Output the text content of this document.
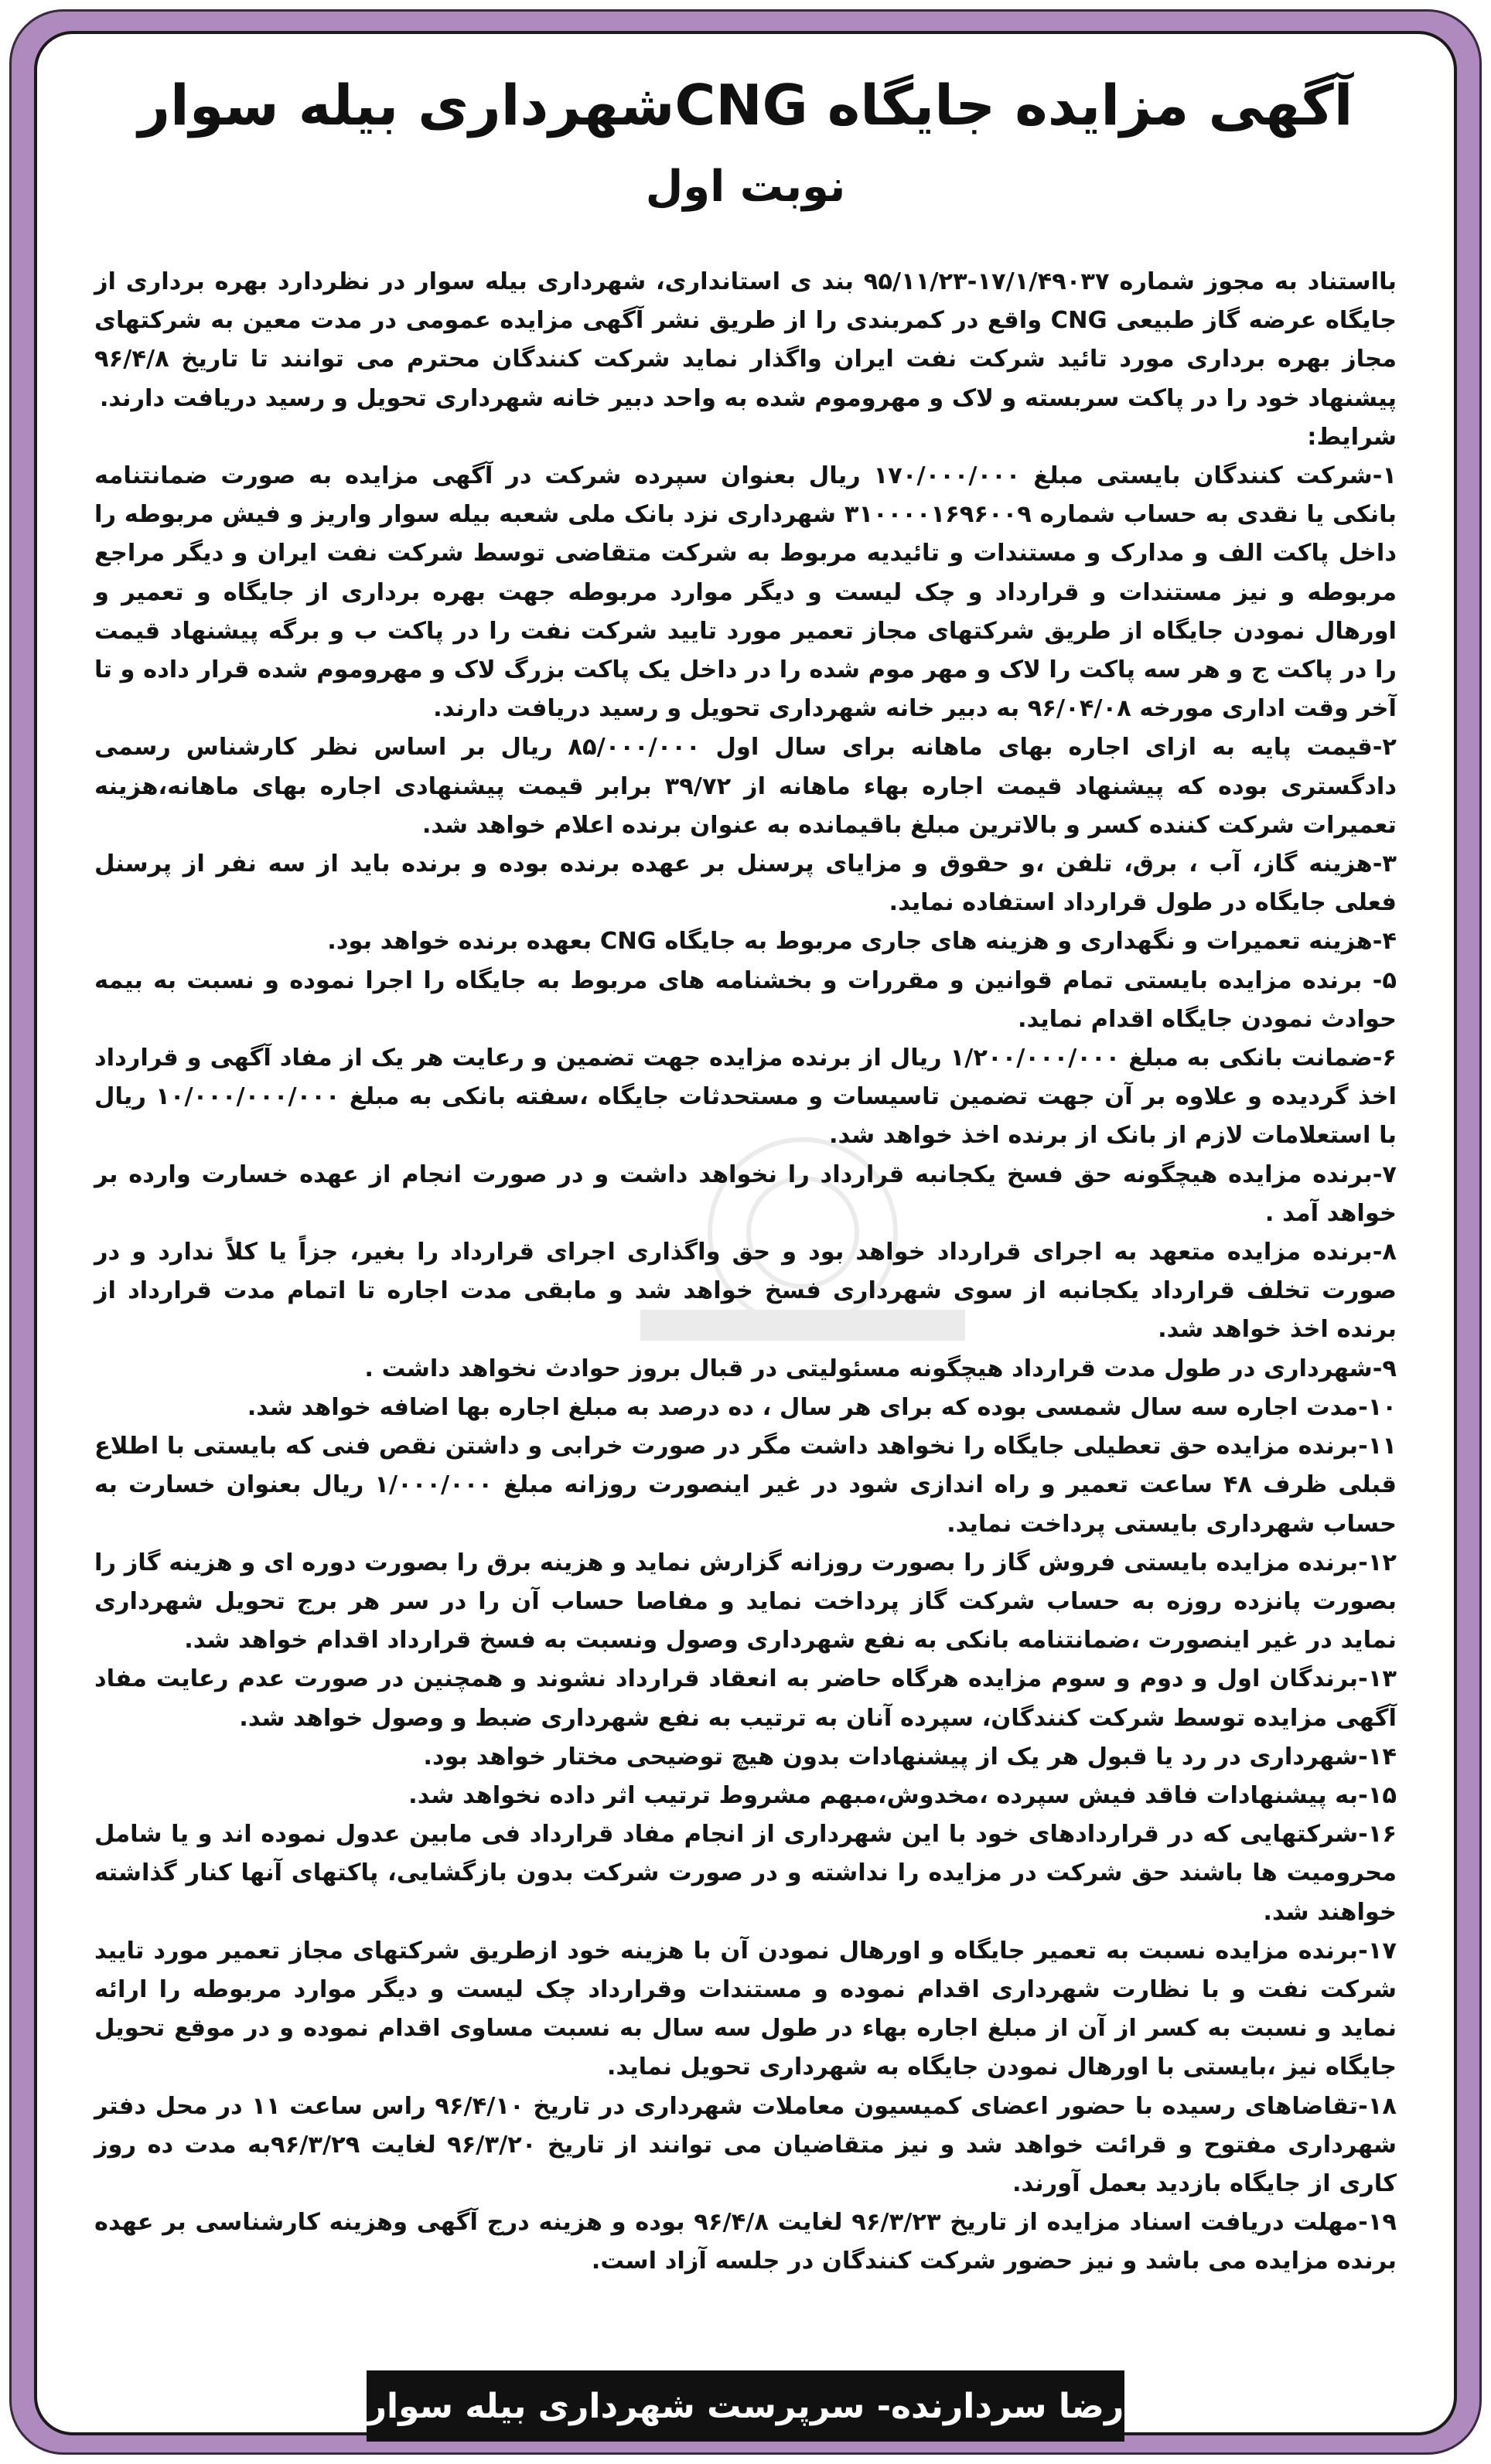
آگهی مزایده جایگاه CNGشهرداری بیله سوار
نوبت اول

بااستناد به مجوز شماره ۱۷/۱/۴۹۰۳۷-۹۵/۱۱/۲۳ بند ی استانداری، شهرداری بیله سوار در نظردارد بهره برداری از جایگاه عرضه گاز طبیعی CNG واقع در کمربندی را از طریق نشر آگهی مزایده عمومی در مدت معین به شرکتهای مجاز بهره برداری مورد تائید شرکت نفت ایران واگذار نماید شرکت کنندگان محترم می توانند تا تاریخ ۹۶/۴/۸ پیشنهاد خود را در پاکت سربسته و لاک و مهروموم شده به واحد دبیر خانه شهرداری تحویل و رسید دریافت دارند.

شرایط:

۱-شرکت کنندگان بایستی مبلغ ۱۷۰/۰۰۰/۰۰۰ ریال بعنوان سپرده شرکت در آگهی مزایده به صورت ضمانتنامه بانکی یا نقدی به حساب شماره ۳۱۰۰۰۰۱۶۹۶۰۰۹ شهرداری نزد بانک ملی شعبه بیله سوار واریز و فیش مربوطه را داخل پاکت الف و مدارک و مستندات و تائیدیه مربوط به شرکت متقاضی توسط شرکت نفت ایران و دیگر مراجع مربوطه و نیز مستندات و قرارداد و چک لیست و دیگر موارد مربوطه جهت بهره برداری از جایگاه و تعمیر و اورهال نمودن جایگاه از طریق شرکتهای مجاز تعمیر مورد تایید شرکت نفت را در پاکت ب و برگه پیشنهاد قیمت را در پاکت ج و هر سه پاکت را لاک و مهر موم شده را در داخل یک پاکت بزرگ لاک و مهروموم شده قرار داده و تا آخر وقت اداری مورخه ۹۶/۰۴/۰۸ به دبیر خانه شهرداری تحویل و رسید دریافت دارند.

۲-قیمت پایه به ازای اجاره بهای ماهانه برای سال اول ۸۵/۰۰۰/۰۰۰ ریال بر اساس نظر کارشناس رسمی دادگستری بوده که پیشنهاد قیمت اجاره بهاء ماهانه از ۳۹/۷۲ برابر قیمت پیشنهادی اجاره بهای ماهانه،هزینه تعمیرات شرکت کننده کسر و بالاترین مبلغ باقیمانده به عنوان برنده اعلام خواهد شد.

۳-هزینه گاز، آب ، برق، تلفن ،و حقوق و مزایای پرسنل بر عهده برنده بوده و برنده باید از سه نفر از پرسنل فعلی جایگاه در طول قرارداد استفاده نماید.

۴-هزینه تعمیرات و نگهداری و هزینه های جاری مربوط به جایگاه CNG بعهده برنده خواهد بود.

۵- برنده مزایده بایستی تمام قوانین و مقررات و بخشنامه های مربوط به جایگاه را اجرا نموده و نسبت به بیمه حوادث نمودن جایگاه اقدام نماید.

۶-ضمانت بانکی به مبلغ ۱/۲۰۰/۰۰۰/۰۰۰ ریال از برنده مزایده جهت تضمین و رعایت هر یک از مفاد آگهی و قرارداد اخذ گردیده و علاوه بر آن جهت تضمین تاسیسات و مستحدثات جایگاه ،سفته بانکی به مبلغ ۱۰/۰۰۰/۰۰۰/۰۰۰ ریال با استعلامات لازم از بانک از برنده اخذ خواهد شد.

۷-برنده مزایده هیچگونه حق فسخ یکجانبه قرارداد را نخواهد داشت و در صورت انجام از عهده خسارت وارده بر خواهد آمد .

۸-برنده مزایده متعهد به اجرای قرارداد خواهد بود و حق واگذاری اجرای قرارداد را بغیر، جزاً یا کلاً ندارد و در صورت تخلف قرارداد یکجانبه از سوی شهرداری فسخ خواهد شد و مابقی مدت اجاره تا اتمام مدت قرارداد از برنده اخذ خواهد شد.

۹-شهرداری در طول مدت قرارداد هیچگونه مسئولیتی در قبال بروز حوادث نخواهد داشت .

۱۰-مدت اجاره سه سال شمسی بوده که برای هر سال ، ده درصد به مبلغ اجاره بها اضافه خواهد شد.

۱۱-برنده مزایده حق تعطیلی جایگاه را نخواهد داشت مگر در صورت خرابی و داشتن نقص فنی که بایستی با اطلاع قبلی ظرف ۴۸ ساعت تعمیر و راه اندازی شود در غیر اینصورت روزانه مبلغ ۱/۰۰۰/۰۰۰ ریال بعنوان خسارت به حساب شهرداری بایستی پرداخت نماید.

۱۲-برنده مزایده بایستی فروش گاز را بصورت روزانه گزارش نماید و هزینه برق را بصورت دوره ای و هزینه گاز را بصورت پانزده روزه به حساب شرکت گاز پرداخت نماید و مفاصا حساب آن را در سر هر برج تحویل شهرداری نماید در غیر اینصورت ،ضمانتنامه بانکی به نفع شهرداری وصول ونسبت به فسخ قرارداد اقدام خواهد شد.

۱۳-برندگان اول و دوم و سوم مزایده هرگاه حاضر به انعقاد قرارداد نشوند و همچنین در صورت عدم رعایت مفاد آگهی مزایده توسط شرکت کنندگان، سپرده آنان به ترتیب به نفع شهرداری ضبط و وصول خواهد شد.

۱۴-شهرداری در رد یا قبول هر یک از پیشنهادات بدون هیچ توضیحی مختار خواهد بود.

۱۵-به پیشنهادات فاقد فیش سپرده ،مخدوش،مبهم مشروط ترتیب اثر داده نخواهد شد.

۱۶-شرکتهایی که در قراردادهای خود با این شهرداری از انجام مفاد قرارداد فی مابین عدول نموده اند و یا شامل محرومیت ها باشند حق شرکت در مزایده را نداشته و در صورت شرکت بدون بازگشایی، پاکتهای آنها کنار گذاشته خواهند شد.

۱۷-برنده مزایده نسبت به تعمیر جایگاه و اورهال نمودن آن با هزینه خود ازطریق شرکتهای مجاز تعمیر مورد تایید شرکت نفت و با نظارت شهرداری اقدام نموده و مستندات وقرارداد چک لیست و دیگر موارد مربوطه را ارائه نماید و نسبت به کسر از آن از مبلغ اجاره بهاء در طول سه سال به نسبت مساوی اقدام نموده و در موقع تحویل جایگاه نیز ،بایستی با اورهال نمودن جایگاه به شهرداری تحویل نماید.

۱۸-تقاضاهای رسیده با حضور اعضای کمیسیون معاملات شهرداری در تاریخ ۹۶/۴/۱۰ راس ساعت ۱۱ در محل دفتر شهرداری مفتوح و قرائت خواهد شد و نیز متقاضیان می توانند از تاریخ ۹۶/۳/۲۰ لغایت ۹۶/۳/۲۹به مدت ده روز کاری از جایگاه بازدید بعمل آورند.

۱۹-مهلت دریافت اسناد مزایده از تاریخ ۹۶/۳/۲۳ لغایت ۹۶/۴/۸ بوده و هزینه درج آگهی وهزینه کارشناسی بر عهده برنده مزایده می باشد و نیز حضور شرکت کنندگان در جلسه آزاد است.

رضا سردارنده- سرپرست شهرداری بیله سوار
